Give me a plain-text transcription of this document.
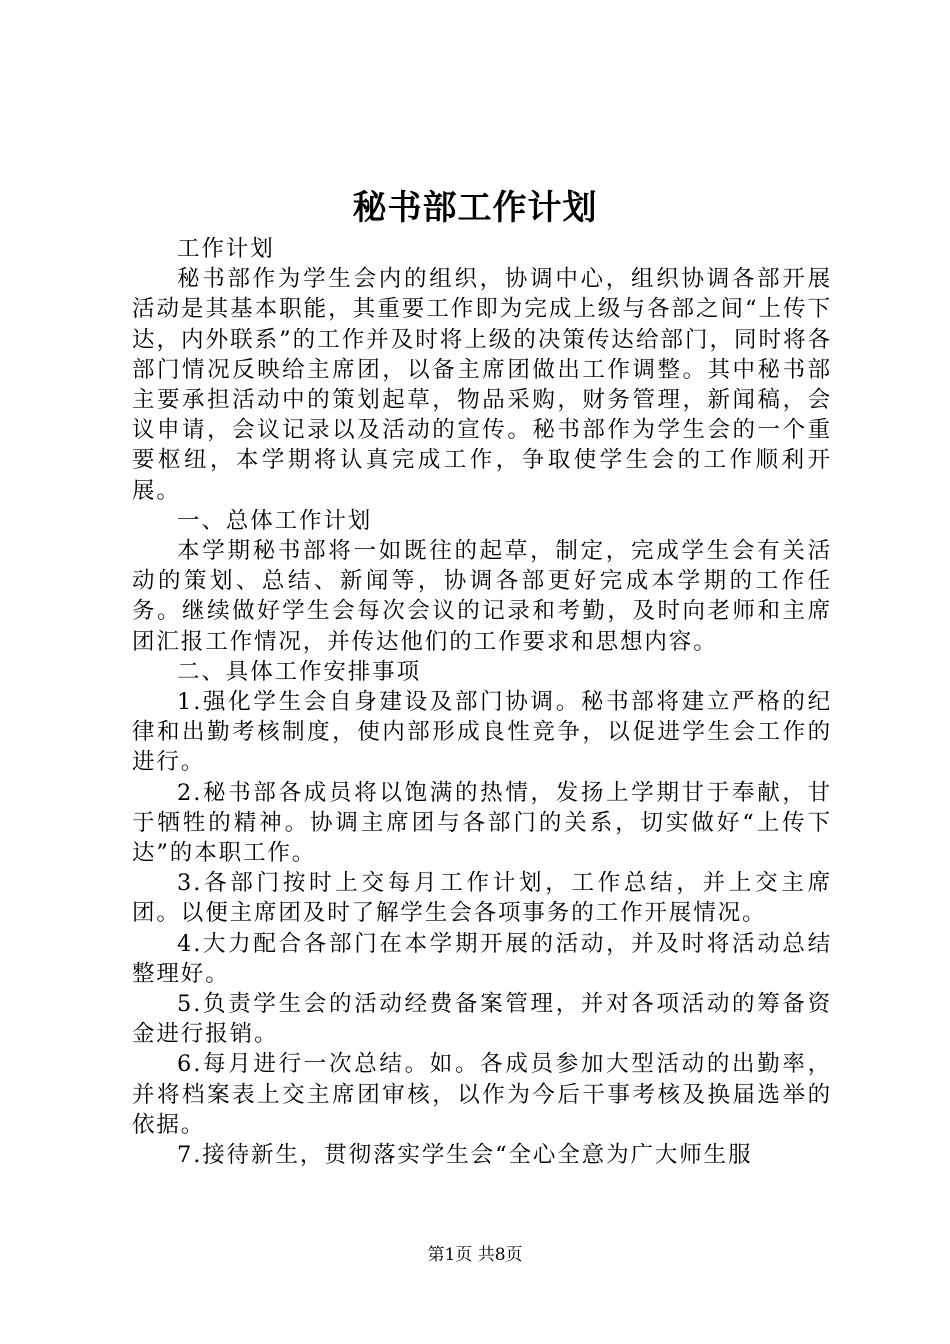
秘书部工作计划

工作计划

秘书部作为学生会内的组织，协调中心，组织协调各部开展活动是其基本职能，其重要工作即为完成上级与各部之间“上传下达，内外联系”的工作并及时将上级的决策传达给部门，同时将各部门情况反映给主席团，以备主席团做出工作调整。其中秘书部主要承担活动中的策划起草，物品采购，财务管理，新闻稿，会议申请，会议记录以及活动的宣传。秘书部作为学生会的一个重要枢纽，本学期将认真完成工作，争取使学生会的工作顺利开展。

一、总体工作计划

本学期秘书部将一如既往的起草，制定，完成学生会有关活动的策划、总结、新闻等，协调各部更好完成本学期的工作任务。继续做好学生会每次会议的记录和考勤，及时向老师和主席团汇报工作情况，并传达他们的工作要求和思想内容。

二、具体工作安排事项

1.强化学生会自身建设及部门协调。秘书部将建立严格的纪律和出勤考核制度，使内部形成良性竞争，以促进学生会工作的进行。

2.秘书部各成员将以饱满的热情，发扬上学期甘于奉献，甘于牺牲的精神。协调主席团与各部门的关系，切实做好“上传下达”的本职工作。

3.各部门按时上交每月工作计划，工作总结，并上交主席团。以便主席团及时了解学生会各项事务的工作开展情况。

4.大力配合各部门在本学期开展的活动，并及时将活动总结整理好。

5.负责学生会的活动经费备案管理，并对各项活动的筹备资金进行报销。

6.每月进行一次总结。如。各成员参加大型活动的出勤率，并将档案表上交主席团审核，以作为今后干事考核及换届选举的依据。

7.接待新生，贯彻落实学生会“全心全意为广大师生服

第1页 共8页
